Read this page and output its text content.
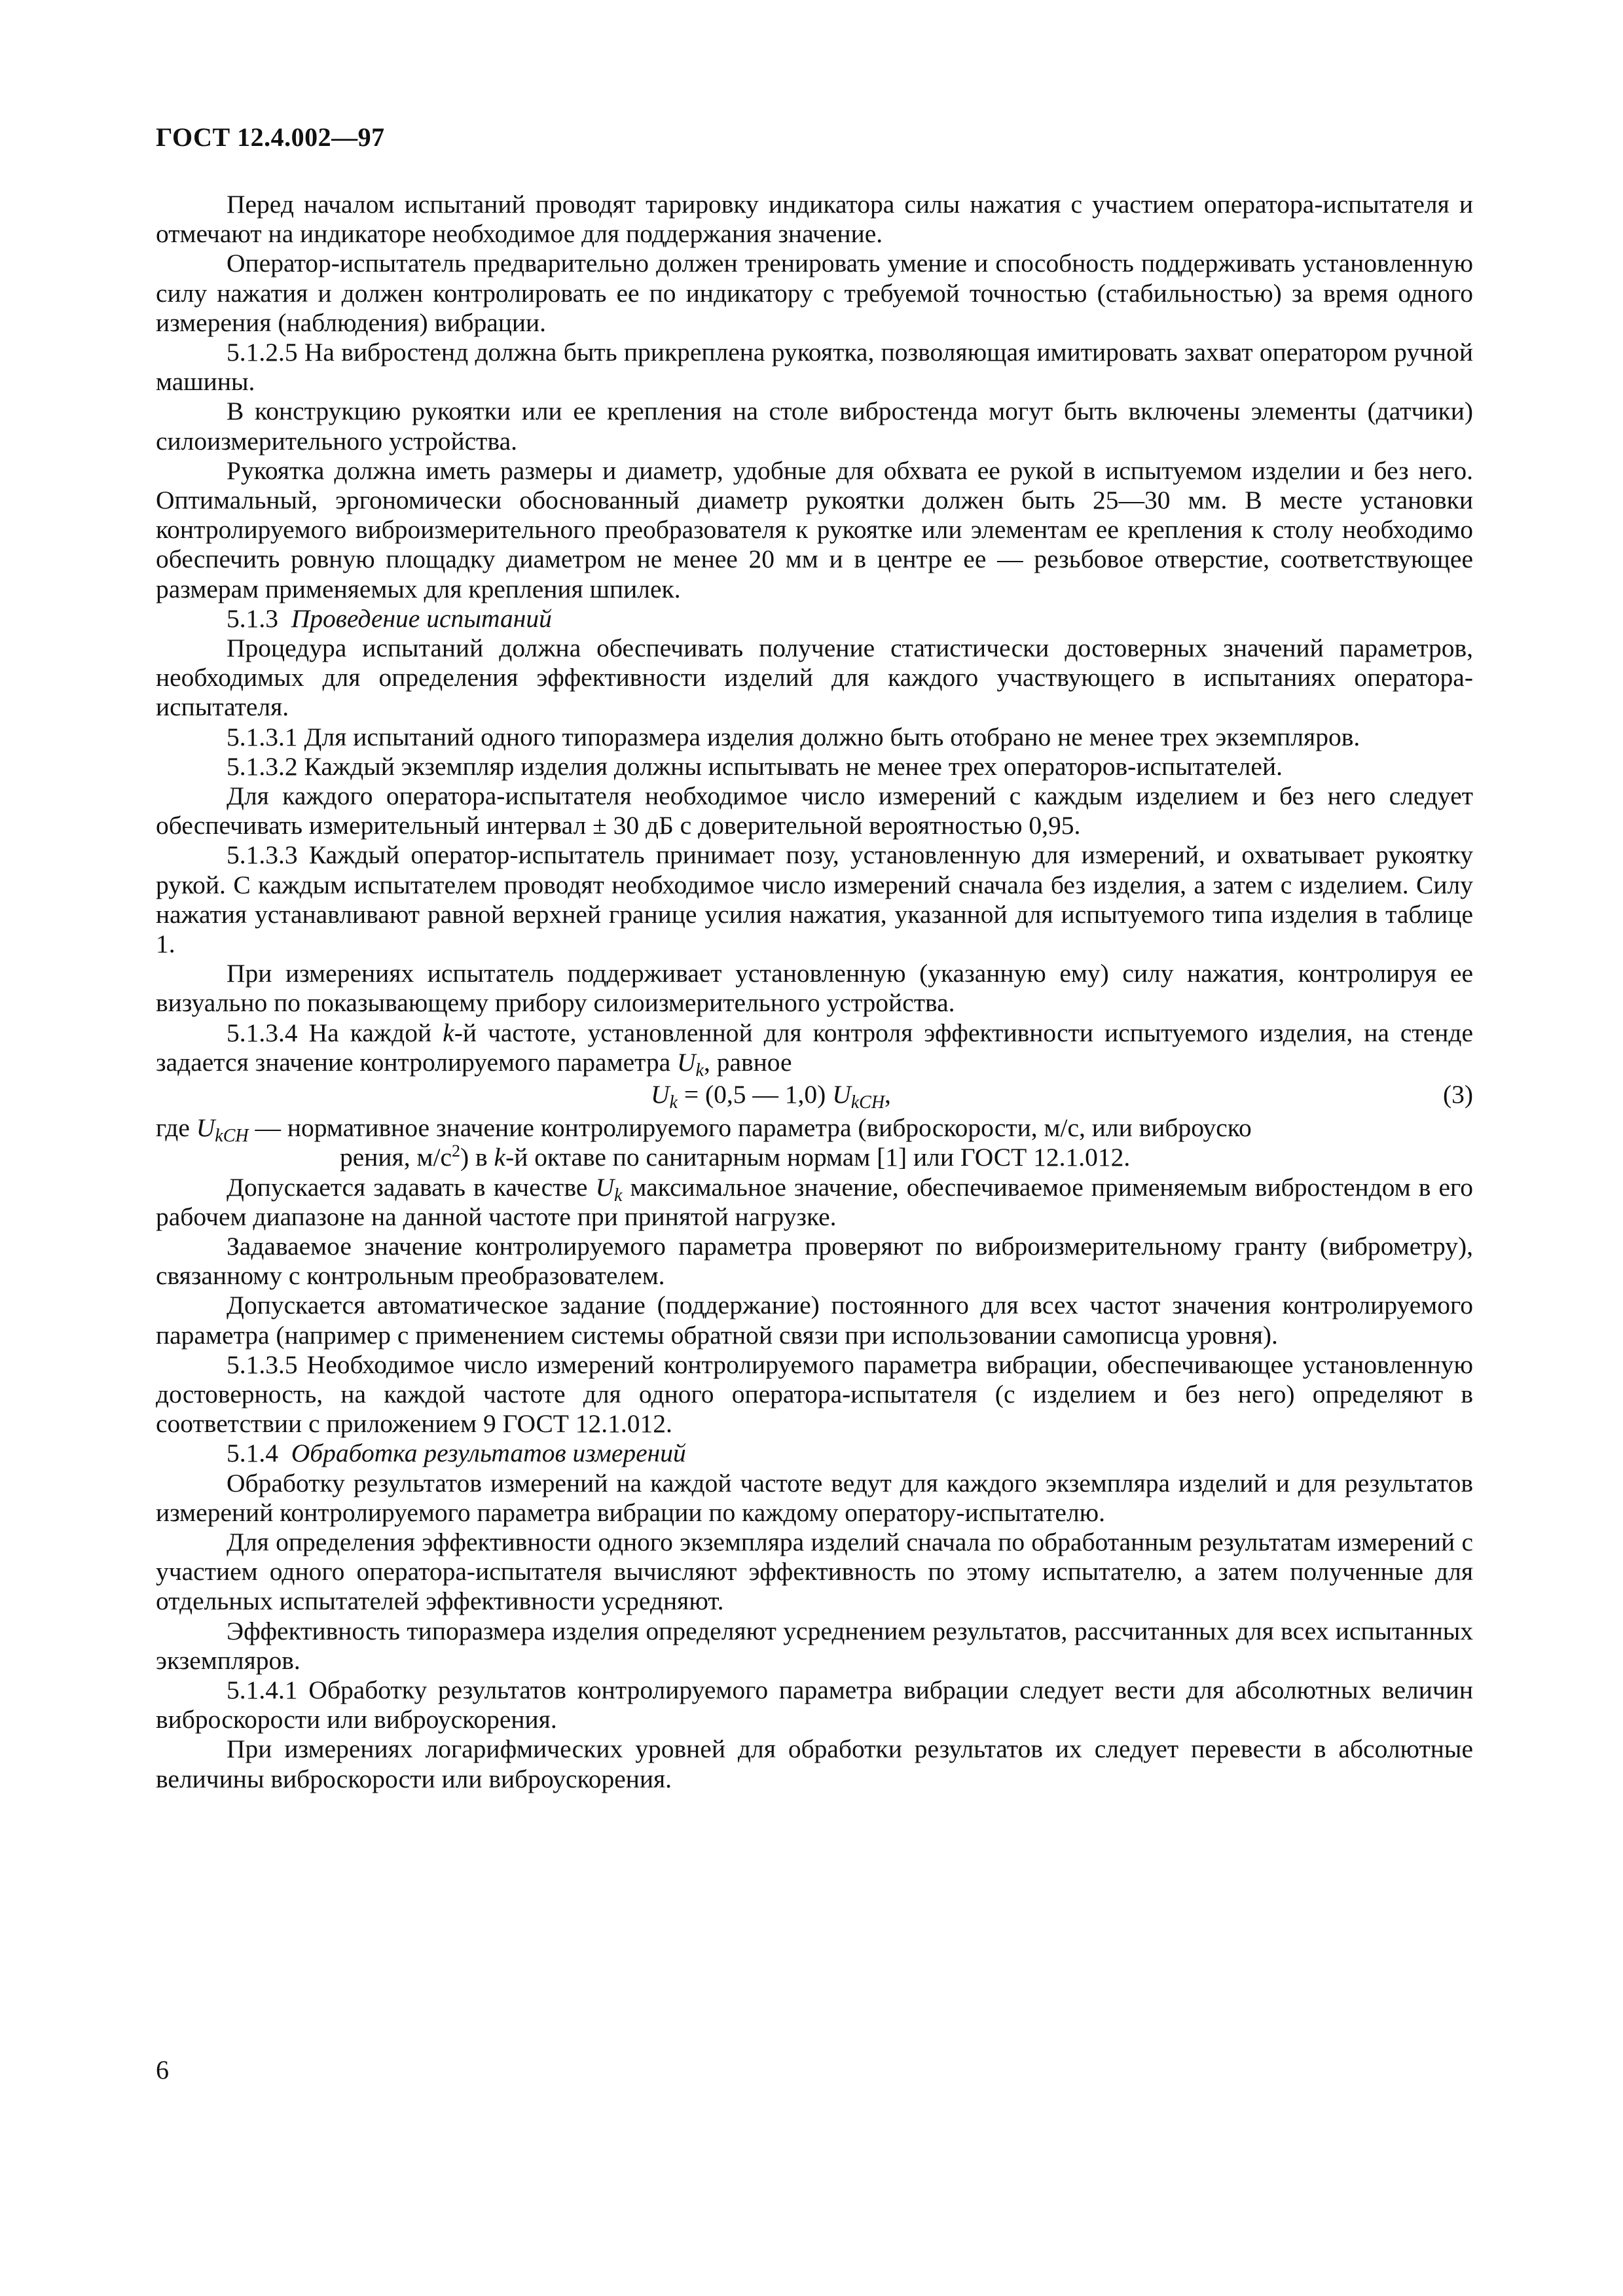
ГОСТ 12.4.002—97

Перед началом испытаний проводят тарировку индикатора силы нажатия с участием оператора-испытателя и отмечают на индикаторе необходимое для поддержания значение.

Оператор-испытатель предварительно должен тренировать умение и способность поддерживать установленную силу нажатия и должен контролировать ее по индикатору с требуемой точностью (стабильностью) за время одного измерения (наблюдения) вибрации.

5.1.2.5 На вибростенд должна быть прикреплена рукоятка, позволяющая имитировать захват оператором ручной машины.

В конструкцию рукоятки или ее крепления на столе вибростенда могут быть включены элементы (датчики) силоизмерительного устройства.

Рукоятка должна иметь размеры и диаметр, удобные для обхвата ее рукой в испытуемом изделии и без него. Оптимальный, эргономически обоснованный диаметр рукоятки должен быть 25—30 мм. В месте установки контролируемого виброизмерительного преобразователя к рукоятке или элементам ее крепления к столу необходимо обеспечить ровную площадку диаметром не менее 20 мм и в центре ее — резьбовое отверстие, соответствующее размерам применяемых для крепления шпилек.

5.1.3 Проведение испытаний

Процедура испытаний должна обеспечивать получение статистически достоверных значений параметров, необходимых для определения эффективности изделий для каждого участвующего в испытаниях оператора-испытателя.

5.1.3.1 Для испытаний одного типоразмера изделия должно быть отобрано не менее трех экземпляров.

5.1.3.2 Каждый экземпляр изделия должны испытывать не менее трех операторов-испытателей.

Для каждого оператора-испытателя необходимое число измерений с каждым изделием и без него следует обеспечивать измерительный интервал ± 30 дБ с доверительной вероятностью 0,95.

5.1.3.3 Каждый оператор-испытатель принимает позу, установленную для измерений, и охватывает рукоятку рукой. С каждым испытателем проводят необходимое число измерений сначала без изделия, а затем с изделием. Силу нажатия устанавливают равной верхней границе усилия нажатия, указанной для испытуемого типа изделия в таблице 1.

При измерениях испытатель поддерживает установленную (указанную ему) силу нажатия, контролируя ее визуально по показывающему прибору силоизмерительного устройства.

5.1.3.4 На каждой k-й частоте, установленной для контроля эффективности испытуемого изделия, на стенде задается значение контролируемого параметра $U_k$, равное

$U_k = (0,5$ — 1,0) $U_{kСН}$,	(3)

где $U_{kСН}$ — нормативное значение контролируемого параметра (виброскорости, м/с, или виброуско

рения, $м/с^2$) в k-й октаве по санитарным нормам [1] или ГОСТ 12.1.012.

Допускается задавать в качестве $U_k$ максимальное значение, обеспечиваемое применяемым вибростендом в его рабочем диапазоне на данной частоте при принятой нагрузке.

Задаваемое значение контролируемого параметра проверяют по виброизмерительному гранту (виброметру), связанному с контрольным преобразователем.

Допускается автоматическое задание (поддержание) постоянного для всех частот значения контролируемого параметра (например с применением системы обратной связи при использовании самописца уровня).

5.1.3.5 Необходимое число измерений контролируемого параметра вибрации, обеспечивающее установленную достоверность, на каждой частоте для одного оператора-испытателя (с изделием и без него) определяют в соответствии с приложением 9 ГОСТ 12.1.012.

5.1.4 Обработка результатов измерений

Обработку результатов измерений на каждой частоте ведут для каждого экземпляра изделий и для результатов измерений контролируемого параметра вибрации по каждому оператору-испытателю.

Для определения эффективности одного экземпляра изделий сначала по обработанным результатам измерений с участием одного оператора-испытателя вычисляют эффективность по этому испытателю, а затем полученные для отдельных испытателей эффективности усредняют.

Эффективность типоразмера изделия определяют усреднением результатов, рассчитанных для всех испытанных экземпляров.

5.1.4.1 Обработку результатов контролируемого параметра вибрации следует вести для абсолютных величин виброскорости или виброускорения.

При измерениях логарифмических уровней для обработки результатов их следует перевести в абсолютные величины виброскорости или виброускорения.

6
